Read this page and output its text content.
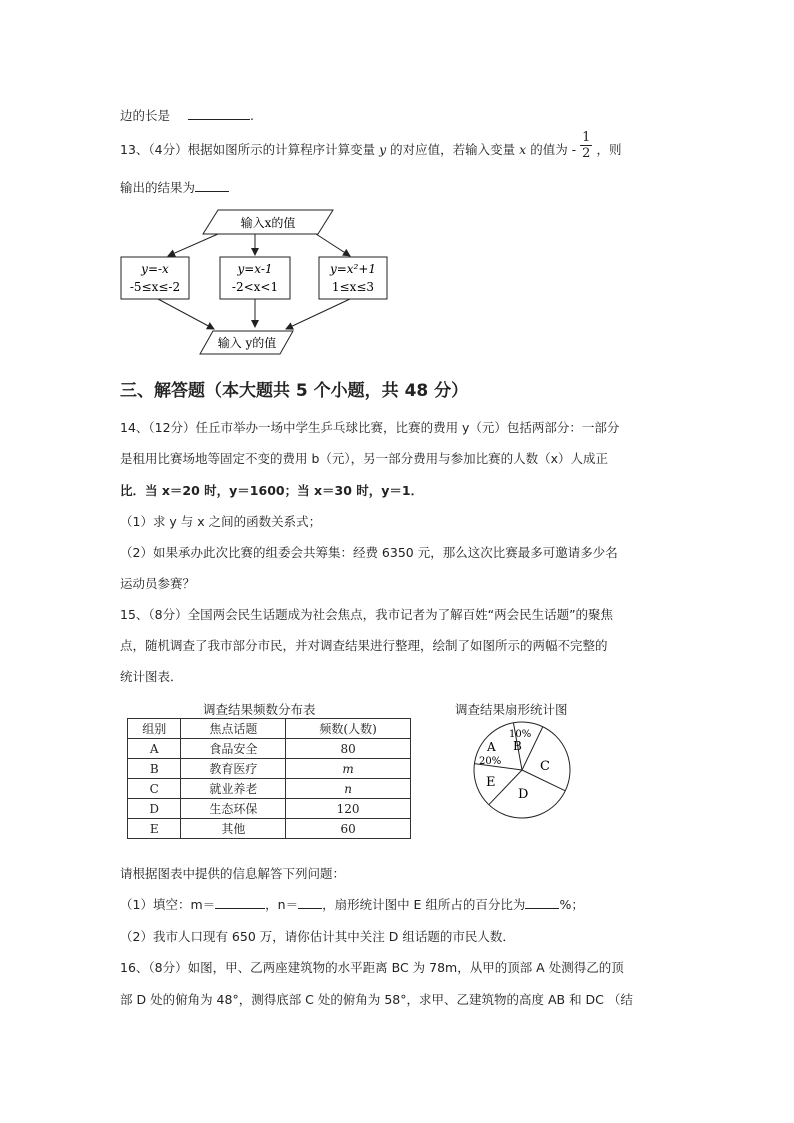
边的长是	.
13、（4分）根据如图所示的计算程序计算变量 y 的对应值，若输入变量 x 的值为 - $\frac{1}{2}$ ，则
输出的结果为
输入x的值
y=-x
-5≤x≤-2
y=x-1
-2<x<1
y=x²+1
1≤x≤3
输入 y的值
三、解答题（本大题共 5 个小题，共 48 分）
14、（12分）任丘市举办一场中学生乒乓球比赛，比赛的费用 y（元）包括两部分：一部分
是租用比赛场地等固定不变的费用 b（元），另一部分费用与参加比赛的人数（x）人成正
比．当 x＝20 时，y＝1600；当 x＝30 时，y＝1．
（1）求 y 与 x 之间的函数关系式；
（2）如果承办此次比赛的组委会共筹集：经费 6350 元，那么这次比赛最多可邀请多少名
运动员参赛？
15、（8分）全国两会民生话题成为社会焦点，我市记者为了解百姓“两会民生话题”的聚焦
点，随机调查了我市部分市民，并对调查结果进行整理，绘制了如图所示的两幅不完整的
统计图表．
调查结果频数分布表
组别	焦点话题	频数(人数)
A	食品安全	80
B	教育医疗	m
C	就业养老	n
D	生态环保	120
E	其他	60
调查结果扇形统计图
A
20%
10%
B
C
D
E
请根据图表中提供的信息解答下列问题：
（1）填空：m＝	，n＝ ，扇形统计图中 E 组所占的百分比为	%；
（2）我市人口现有 650 万，请你估计其中关注 D 组话题的市民人数．
16、（8分）如图，甲、乙两座建筑物的水平距离 BC 为 78m，从甲的顶部 A 处测得乙的顶
部 D 处的俯角为 48°，测得底部 C 处的俯角为 58°，求甲、乙建筑物的高度 AB 和 DC （结
